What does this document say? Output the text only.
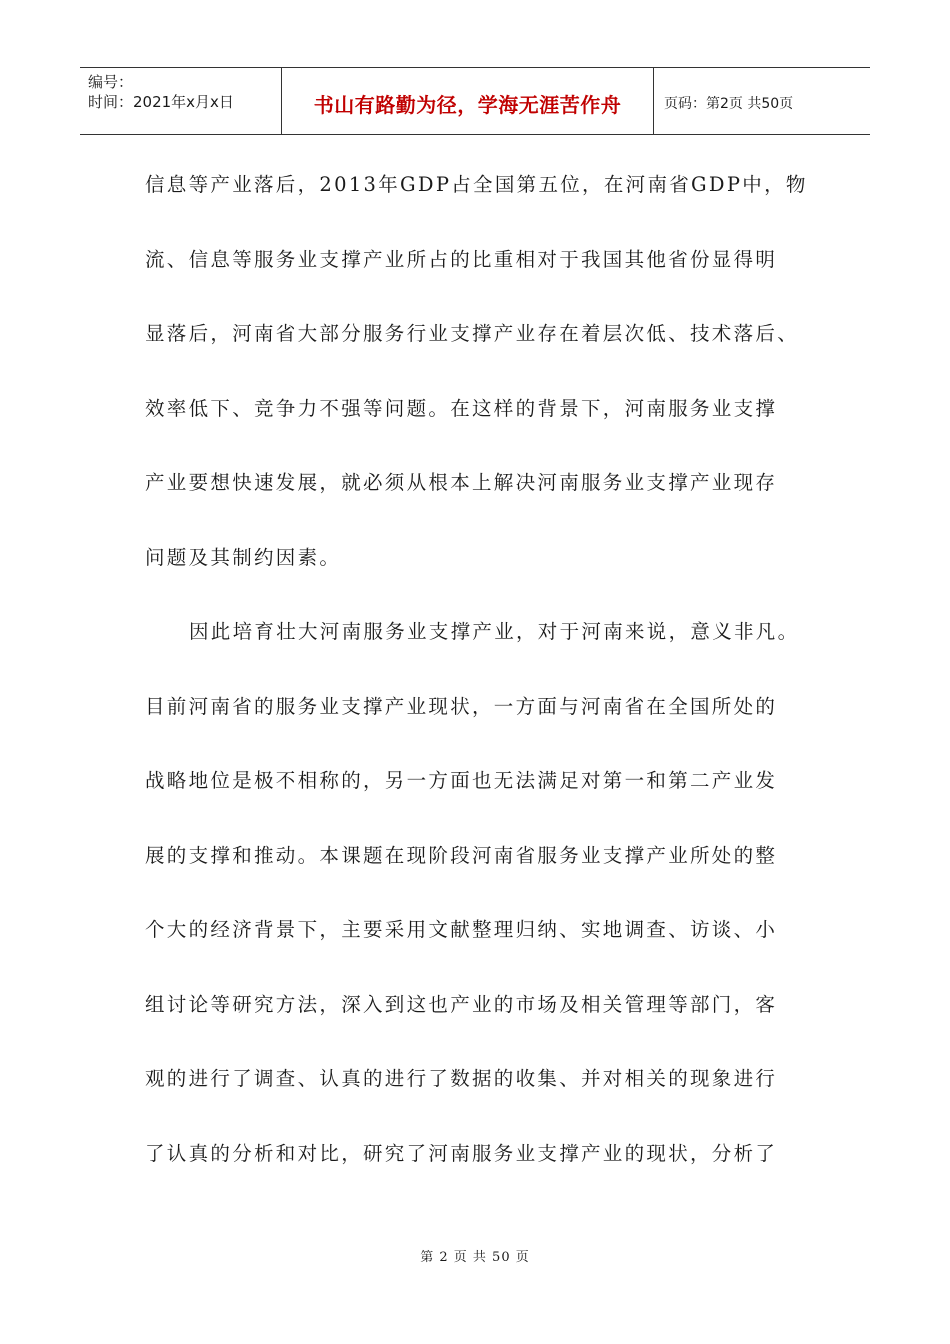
编号：
时间：2021年x月x日	书山有路勤为径，学海无涯苦作舟	页码：第2页 共50页
信息等产业落后，2013年GDP占全国第五位，在河南省GDP中，物
流、信息等服务业支撑产业所占的比重相对于我国其他省份显得明
显落后，河南省大部分服务行业支撑产业存在着层次低、技术落后、
效率低下、竞争力不强等问题。在这样的背景下，河南服务业支撑
产业要想快速发展，就必须从根本上解决河南服务业支撑产业现存
问题及其制约因素。
因此培育壮大河南服务业支撑产业，对于河南来说，意义非凡。
目前河南省的服务业支撑产业现状，一方面与河南省在全国所处的
战略地位是极不相称的，另一方面也无法满足对第一和第二产业发
展的支撑和推动。本课题在现阶段河南省服务业支撑产业所处的整
个大的经济背景下，主要采用文献整理归纳、实地调查、访谈、小
组讨论等研究方法，深入到这也产业的市场及相关管理等部门，客
观的进行了调查、认真的进行了数据的收集、并对相关的现象进行
了认真的分析和对比，研究了河南服务业支撑产业的现状，分析了
第 2 页 共 50 页
